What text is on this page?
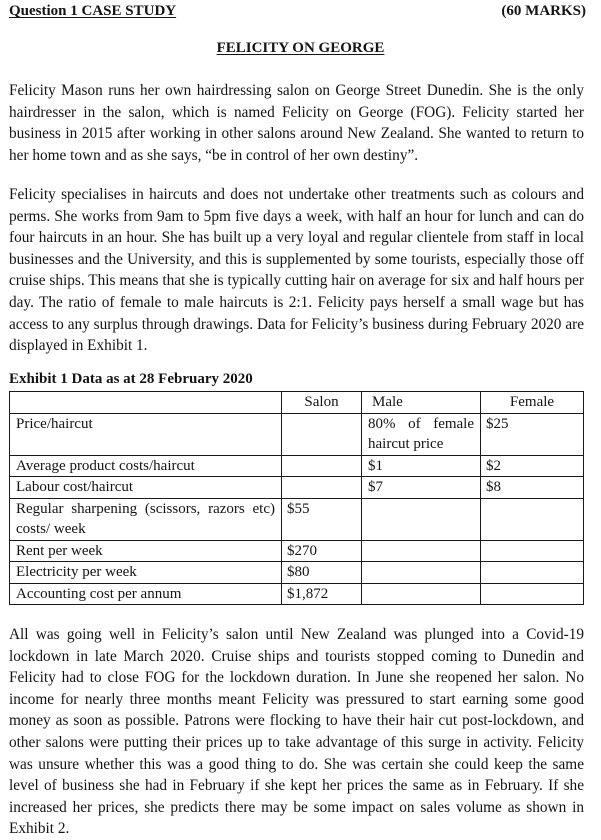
Question 1 CASE STUDY	(60 MARKS)
FELICITY ON GEORGE

Felicity Mason runs her own hairdressing salon on George Street Dunedin. She is the only hairdresser in the salon, which is named Felicity on George (FOG). Felicity started her business in 2015 after working in other salons around New Zealand. She wanted to return to her home town and as she says, “be in control of her own destiny”.

Felicity specialises in haircuts and does not undertake other treatments such as colours and perms. She works from 9am to 5pm five days a week, with half an hour for lunch and can do four haircuts in an hour. She has built up a very loyal and regular clientele from staff in local businesses and the University, and this is supplemented by some tourists, especially those off cruise ships. This means that she is typically cutting hair on average for six and half hours per day. The ratio of female to male haircuts is 2:1. Felicity pays herself a small wage but has access to any surplus through drawings. Data for Felicity’s business during February 2020 are displayed in Exhibit 1.

Exhibit 1 Data as at 28 February 2020
	Salon	Male	Female
Price/haircut		80% of female haircut price	$25
Average product costs/haircut		$1	$2
Labour cost/haircut		$7	$8
Regular sharpening (scissors, razors etc) costs/ week	$55		
Rent per week	$270		
Electricity per week	$80		
Accounting cost per annum	$1,872		

All was going well in Felicity’s salon until New Zealand was plunged into a Covid-19 lockdown in late March 2020. Cruise ships and tourists stopped coming to Dunedin and Felicity had to close FOG for the lockdown duration. In June she reopened her salon. No income for nearly three months meant Felicity was pressured to start earning some good money as soon as possible. Patrons were flocking to have their hair cut post-lockdown, and other salons were putting their prices up to take advantage of this surge in activity. Felicity was unsure whether this was a good thing to do. She was certain she could keep the same level of business she had in February if she kept her prices the same as in February. If she increased her prices, she predicts there may be some impact on sales volume as shown in Exhibit 2.
